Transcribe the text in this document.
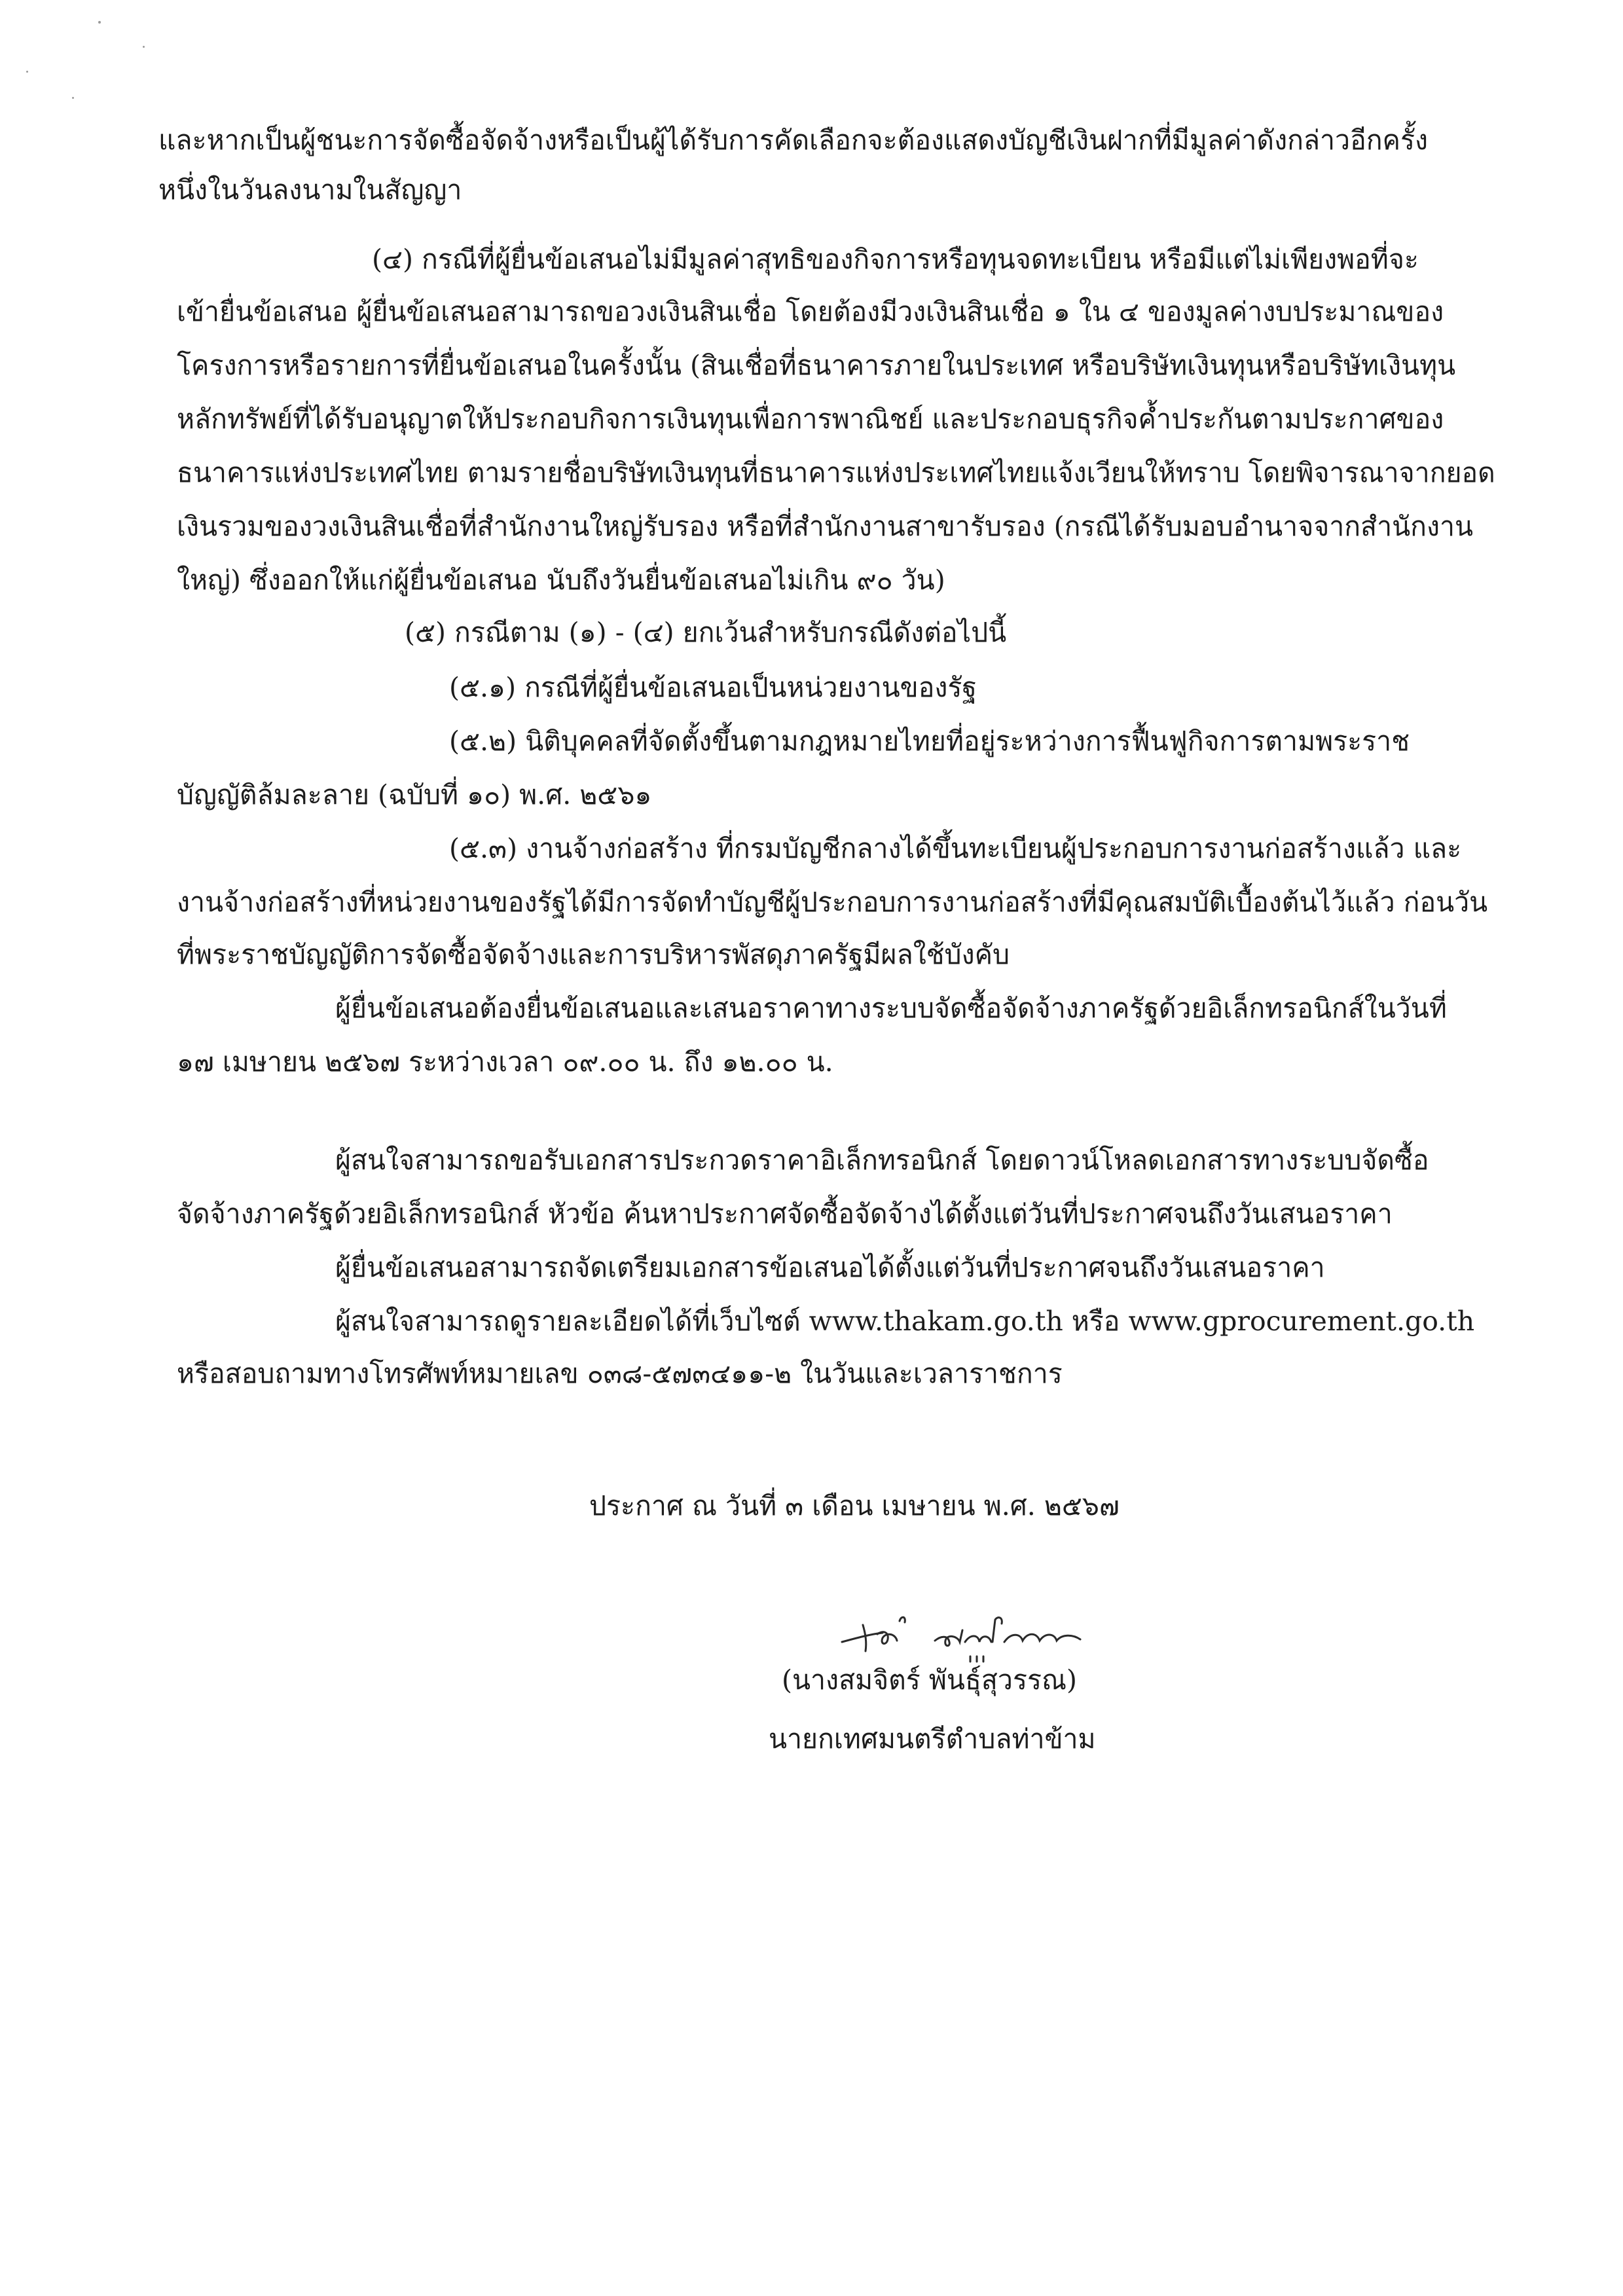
และหากเป็นผู้ชนะการจัดซื้อจัดจ้างหรือเป็นผู้ได้รับการคัดเลือกจะต้องแสดงบัญชีเงินฝากที่มีมูลค่าดังกล่าวอีกครั้ง
หนึ่งในวันลงนามในสัญญา
(๔) กรณีที่ผู้ยื่นข้อเสนอไม่มีมูลค่าสุทธิของกิจการหรือทุนจดทะเบียน หรือมีแต่ไม่เพียงพอที่จะ
เข้ายื่นข้อเสนอ ผู้ยื่นข้อเสนอสามารถขอวงเงินสินเชื่อ โดยต้องมีวงเงินสินเชื่อ ๑ ใน ๔ ของมูลค่างบประมาณของ
โครงการหรือรายการที่ยื่นข้อเสนอในครั้งนั้น (สินเชื่อที่ธนาคารภายในประเทศ หรือบริษัทเงินทุนหรือบริษัทเงินทุน
หลักทรัพย์ที่ได้รับอนุญาตให้ประกอบกิจการเงินทุนเพื่อการพาณิชย์ และประกอบธุรกิจค้ำประกันตามประกาศของ
ธนาคารแห่งประเทศไทย ตามรายชื่อบริษัทเงินทุนที่ธนาคารแห่งประเทศไทยแจ้งเวียนให้ทราบ โดยพิจารณาจากยอด
เงินรวมของวงเงินสินเชื่อที่สำนักงานใหญ่รับรอง หรือที่สำนักงานสาขารับรอง (กรณีได้รับมอบอำนาจจากสำนักงาน
ใหญ่) ซึ่งออกให้แก่ผู้ยื่นข้อเสนอ นับถึงวันยื่นข้อเสนอไม่เกิน ๙๐ วัน)
(๕) กรณีตาม (๑) - (๔) ยกเว้นสำหรับกรณีดังต่อไปนี้
(๕.๑) กรณีที่ผู้ยื่นข้อเสนอเป็นหน่วยงานของรัฐ
(๕.๒) นิติบุคคลที่จัดตั้งขึ้นตามกฎหมายไทยที่อยู่ระหว่างการฟื้นฟูกิจการตามพระราช
บัญญัติล้มละลาย (ฉบับที่ ๑๐) พ.ศ. ๒๕๖๑
(๕.๓) งานจ้างก่อสร้าง ที่กรมบัญชีกลางได้ขึ้นทะเบียนผู้ประกอบการงานก่อสร้างแล้ว และ
งานจ้างก่อสร้างที่หน่วยงานของรัฐได้มีการจัดทำบัญชีผู้ประกอบการงานก่อสร้างที่มีคุณสมบัติเบื้องต้นไว้แล้ว ก่อนวัน
ที่พระราชบัญญัติการจัดซื้อจัดจ้างและการบริหารพัสดุภาครัฐมีผลใช้บังคับ
ผู้ยื่นข้อเสนอต้องยื่นข้อเสนอและเสนอราคาทางระบบจัดซื้อจัดจ้างภาครัฐด้วยอิเล็กทรอนิกส์ในวันที่
๑๗ เมษายน ๒๕๖๗ ระหว่างเวลา ๐๙.๐๐ น. ถึง ๑๒.๐๐ น.
ผู้สนใจสามารถขอรับเอกสารประกวดราคาอิเล็กทรอนิกส์ โดยดาวน์โหลดเอกสารทางระบบจัดซื้อ
จัดจ้างภาครัฐด้วยอิเล็กทรอนิกส์ หัวข้อ ค้นหาประกาศจัดซื้อจัดจ้างได้ตั้งแต่วันที่ประกาศจนถึงวันเสนอราคา
ผู้ยื่นข้อเสนอสามารถจัดเตรียมเอกสารข้อเสนอได้ตั้งแต่วันที่ประกาศจนถึงวันเสนอราคา
ผู้สนใจสามารถดูรายละเอียดได้ที่เว็บไซต์ www.thakam.go.th หรือ www.gprocurement.go.th
หรือสอบถามทางโทรศัพท์หมายเลข ๐๓๘-๕๗๓๔๑๑-๒ ในวันและเวลาราชการ
ประกาศ ณ วันที่ ๓ เดือน เมษายน พ.ศ. ๒๕๖๗
(นางสมจิตร์ พันธุ์สุวรรณ)
นายกเทศมนตรีตำบลท่าข้าม
